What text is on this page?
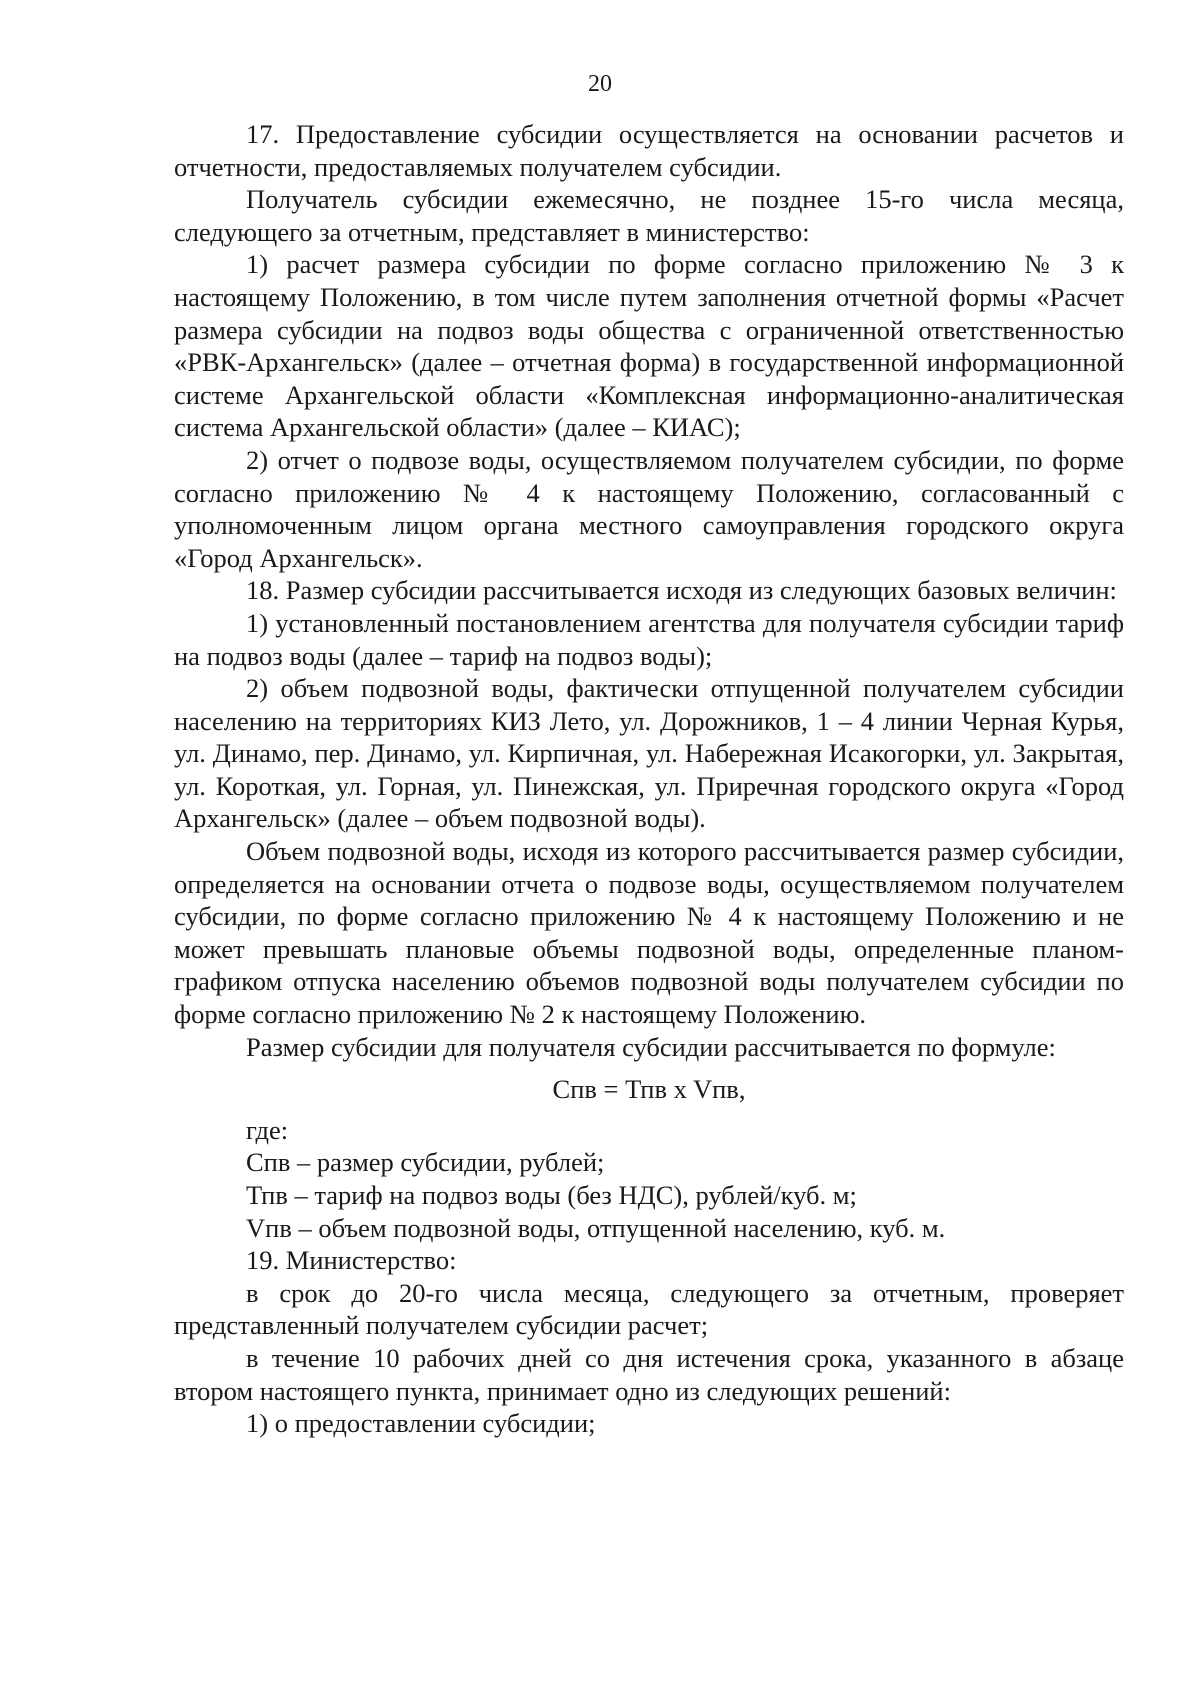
20

17. Предоставление субсидии осуществляется на основании расчетов и отчетности, предоставляемых получателем субсидии.

Получатель субсидии ежемесячно, не позднее 15-го числа месяца, следующего за отчетным, представляет в министерство:

1) расчет размера субсидии по форме согласно приложению № 3 к настоящему Положению, в том числе путем заполнения отчетной формы «Расчет размера субсидии на подвоз воды общества с ограниченной ответственностью «РВК-Архангельск» (далее – отчетная форма) в государственной информационной системе Архангельской области «Комплексная информационно-аналитическая система Архангельской области» (далее – КИАС);

2) отчет о подвозе воды, осуществляемом получателем субсидии, по форме согласно приложению № 4 к настоящему Положению, согласованный с уполномоченным лицом органа местного самоуправления городского округа «Город Архангельск».

18. Размер субсидии рассчитывается исходя из следующих базовых величин:

1) установленный постановлением агентства для получателя субсидии тариф на подвоз воды (далее – тариф на подвоз воды);

2) объем подвозной воды, фактически отпущенной получателем субсидии населению на территориях КИЗ Лето, ул. Дорожников, 1 – 4 линии Черная Курья, ул. Динамо, пер. Динамо, ул. Кирпичная, ул. Набережная Исакогорки, ул. Закрытая, ул. Короткая, ул. Горная, ул. Пинежская, ул. Приречная городского округа «Город Архангельск» (далее – объем подвозной воды).

Объем подвозной воды, исходя из которого рассчитывается размер субсидии, определяется на основании отчета о подвозе воды, осуществляемом получателем субсидии, по форме согласно приложению № 4 к настоящему Положению и не может превышать плановые объемы подвозной воды, определенные планом-графиком отпуска населению объемов подвозной воды получателем субсидии по форме согласно приложению № 2 к настоящему Положению.

Размер субсидии для получателя субсидии рассчитывается по формуле:

Спв = Тпв x Vпв,

где:

Спв – размер субсидии, рублей;

Тпв – тариф на подвоз воды (без НДС), рублей/куб. м;

Vпв – объем подвозной воды, отпущенной населению, куб. м.

19. Министерство:

в срок до 20-го числа месяца, следующего за отчетным, проверяет представленный получателем субсидии расчет;

в течение 10 рабочих дней со дня истечения срока, указанного в абзаце втором настоящего пункта, принимает одно из следующих решений:

1) о предоставлении субсидии;
